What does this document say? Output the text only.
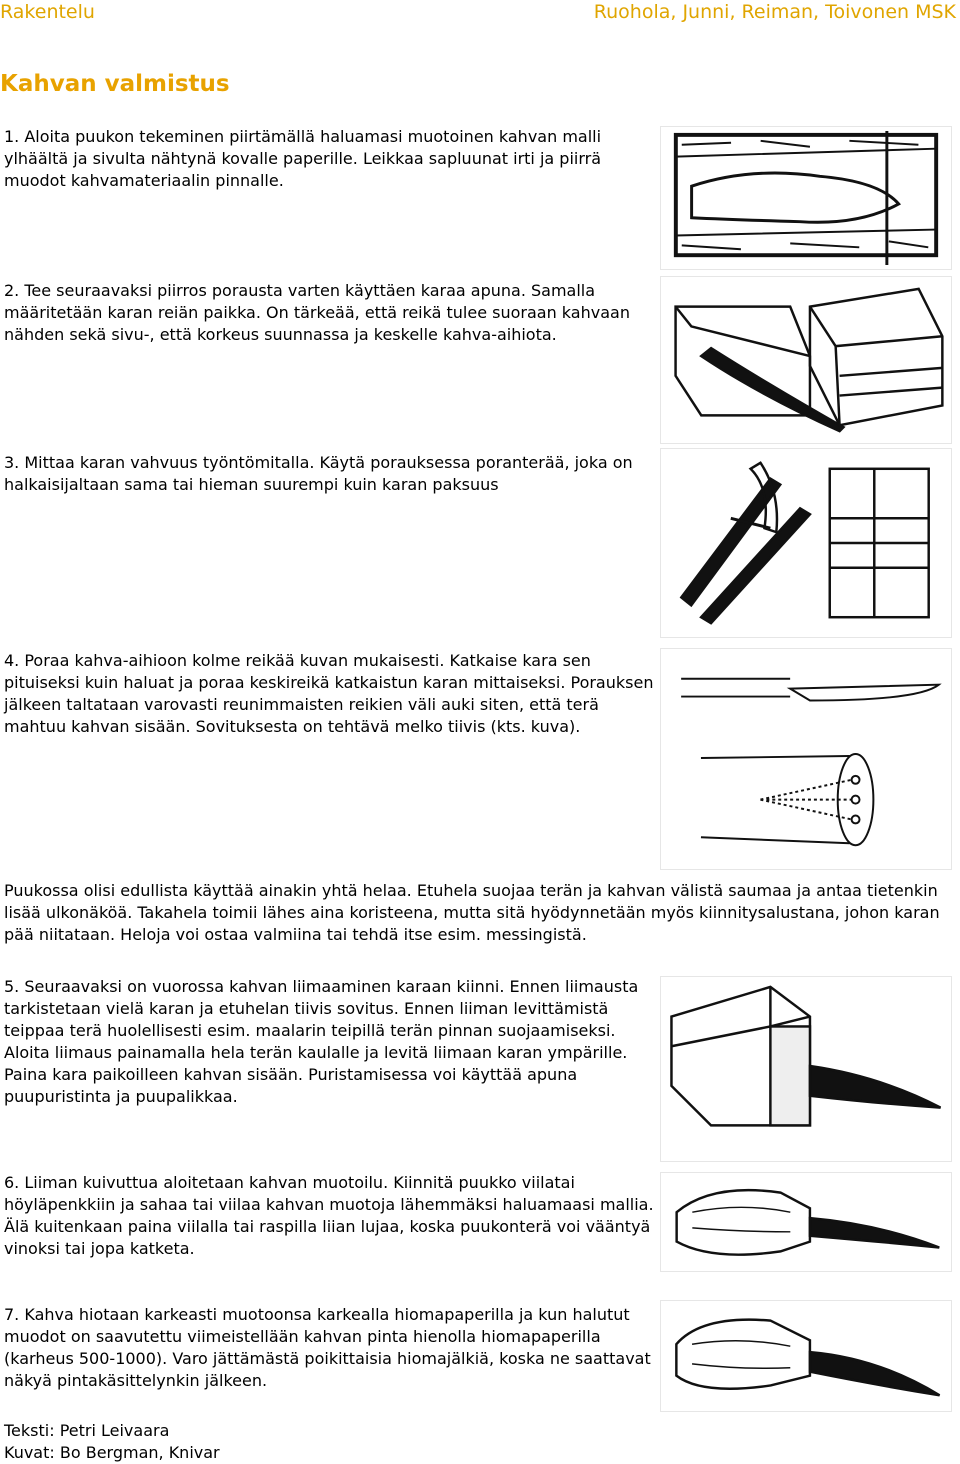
Rakentelu	Ruohola, Junni, Reiman, Toivonen MSK
Kahvan valmistus

1. Aloita puukon tekeminen piirtämällä haluamasi muotoinen kahvan malli ylhäältä ja sivulta nähtynä kovalle paperille. Leikkaa sapluunat irti ja piirrä muodot kahvamateriaalin pinnalle.

2. Tee seuraavaksi piirros porausta varten käyttäen karaa apuna. Samalla määritetään karan reiän paikka. On tärkeää, että reikä tulee suoraan kahvaan nähden sekä sivu-, että korkeus suunnassa ja keskelle kahva-aihiota.

3. Mittaa karan vahvuus työntömitalla. Käytä porauksessa poranterää, joka on halkaisijaltaan sama tai hieman suurempi kuin karan paksuus

4. Poraa kahva-aihioon kolme reikää kuvan mukaisesti. Katkaise kara sen pituiseksi kuin haluat ja poraa keskireikä katkaistun karan mittaiseksi. Porauksen jälkeen taltataan varovasti reunimmaisten reikien väli auki siten, että terä mahtuu kahvan sisään. Sovituksesta on tehtävä melko tiivis (kts. kuva).

Puukossa olisi edullista käyttää ainakin yhtä helaa. Etuhela suojaa terän ja kahvan välistä saumaa ja antaa tietenkin lisää ulkonäköä. Takahela toimii lähes aina koristeena, mutta sitä hyödynnetään myös kiinnitysalustana, johon karan pää niitataan. Heloja voi ostaa valmiina tai tehdä itse esim. messingistä.

5. Seuraavaksi on vuorossa kahvan liimaaminen karaan kiinni. Ennen liimausta tarkistetaan vielä karan ja etuhelan tiivis sovitus. Ennen liiman levittämistä teippaa terä huolellisesti esim. maalarin teipillä terän pinnan suojaamiseksi. Aloita liimaus painamalla hela terän kaulalle ja levitä liimaan karan ympärille. Paina kara paikoilleen kahvan sisään. Puristamisessa voi käyttää apuna puupuristinta ja puupalikkaa.

6. Liiman kuivuttua aloitetaan kahvan muotoilu. Kiinnitä puukko viilatai höyläpenkkiin ja sahaa tai viilaa kahvan muotoja lähemmäksi haluamaasi mallia. Älä kuitenkaan paina viilalla tai raspilla liian lujaa, koska puukonterä voi vääntyä vinoksi tai jopa katketa.

7. Kahva hiotaan karkeasti muotoonsa karkealla hiomapaperilla ja kun halutut muodot on saavutettu viimeistellään kahvan pinta hienolla hiomapaperilla (karheus 500-1000). Varo jättämästä poikittaisia hiomajälkiä, koska ne saattavat näkyä pintakäsittelynkin jälkeen.

Teksti: Petri Leivaara

Kuvat: Bo Bergman, Knivar
